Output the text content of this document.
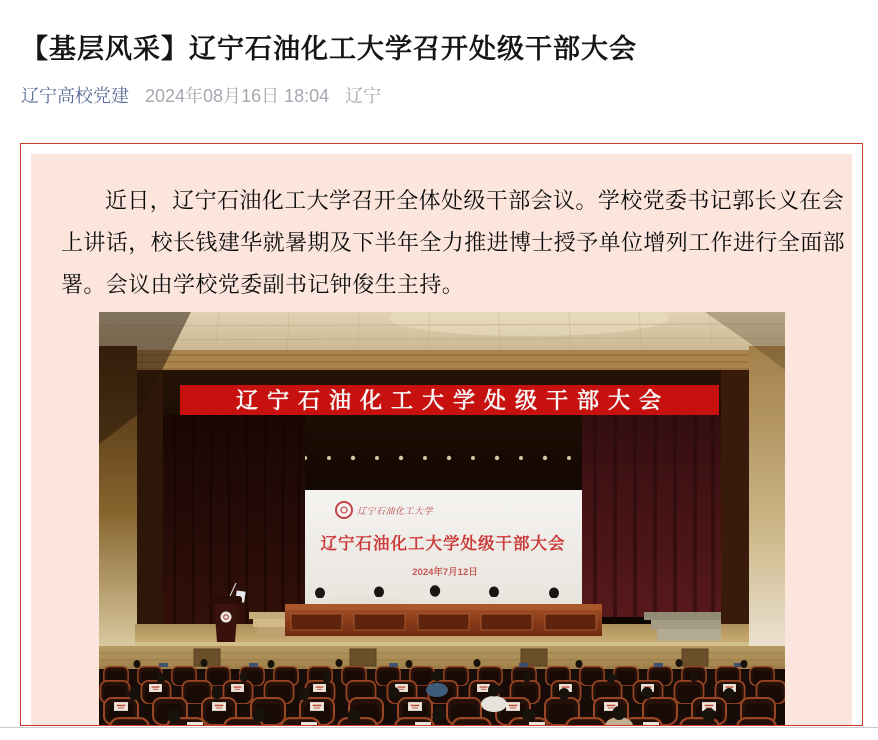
【基层风采】辽宁石油化工大学召开处级干部大会
辽宁高校党建 2024年08月16日 18:04 辽宁
近日，辽宁石油化工大学召开全体处级干部会议。学校党委书记郭长义在会
上讲话，校长钱建华就暑期及下半年全力推进博士授予单位增列工作进行全面部
署。会议由学校党委副书记钟俊生主持。
辽宁石油化工大学处级干部大会
辽宁石油化工大学
辽宁石油化工大学处级干部大会
2024年7月12日
